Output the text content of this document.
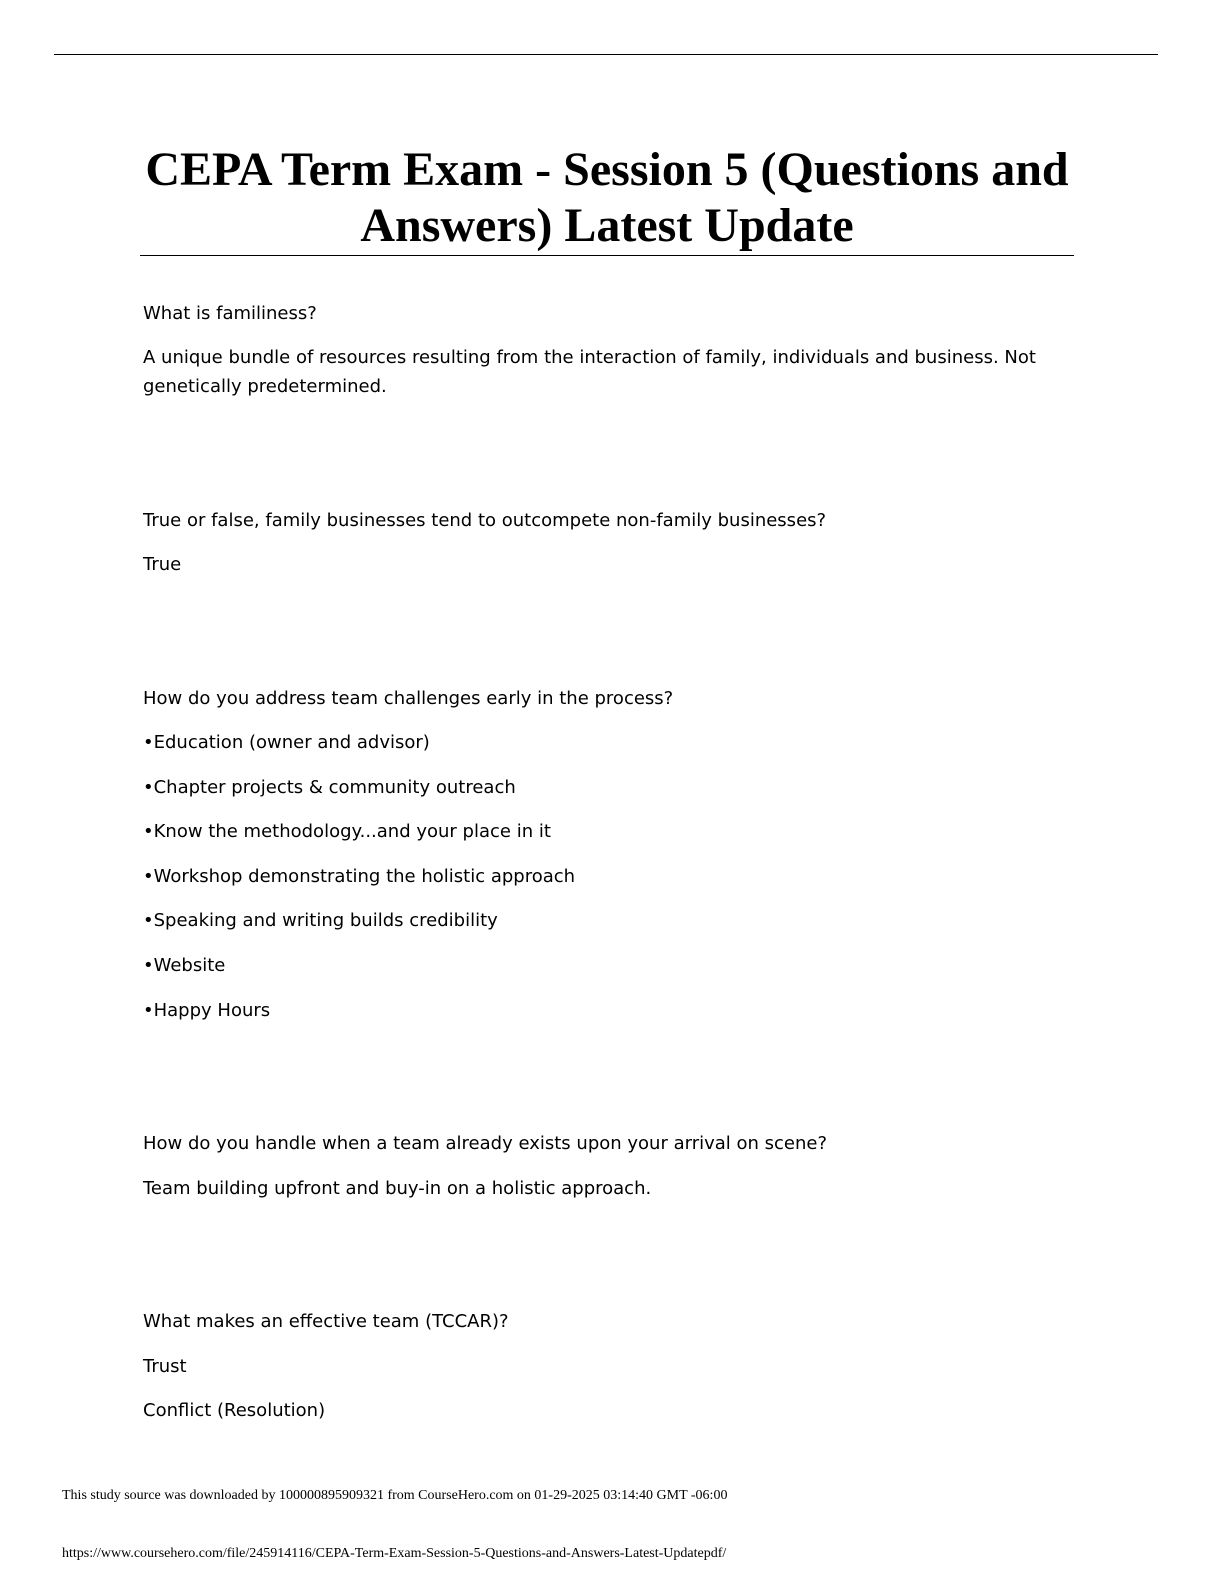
CEPA Term Exam - Session 5 (Questions and
Answers) Latest Update

What is familiness?

A unique bundle of resources resulting from the interaction of family, individuals and business. Not

genetically predetermined.

True or false, family businesses tend to outcompete non-family businesses?

True

How do you address team challenges early in the process?

•Education (owner and advisor)

•Chapter projects & community outreach

•Know the methodology...and your place in it

•Workshop demonstrating the holistic approach

•Speaking and writing builds credibility

•Website

•Happy Hours

How do you handle when a team already exists upon your arrival on scene?

Team building upfront and buy-in on a holistic approach.

What makes an effective team (TCCAR)?

Trust

Conflict (Resolution)

This study source was downloaded by 100000895909321 from CourseHero.com on 01-29-2025 03:14:40 GMT -06:00

https://www.coursehero.com/file/245914116/CEPA-Term-Exam-Session-5-Questions-and-Answers-Latest-Updatepdf/
